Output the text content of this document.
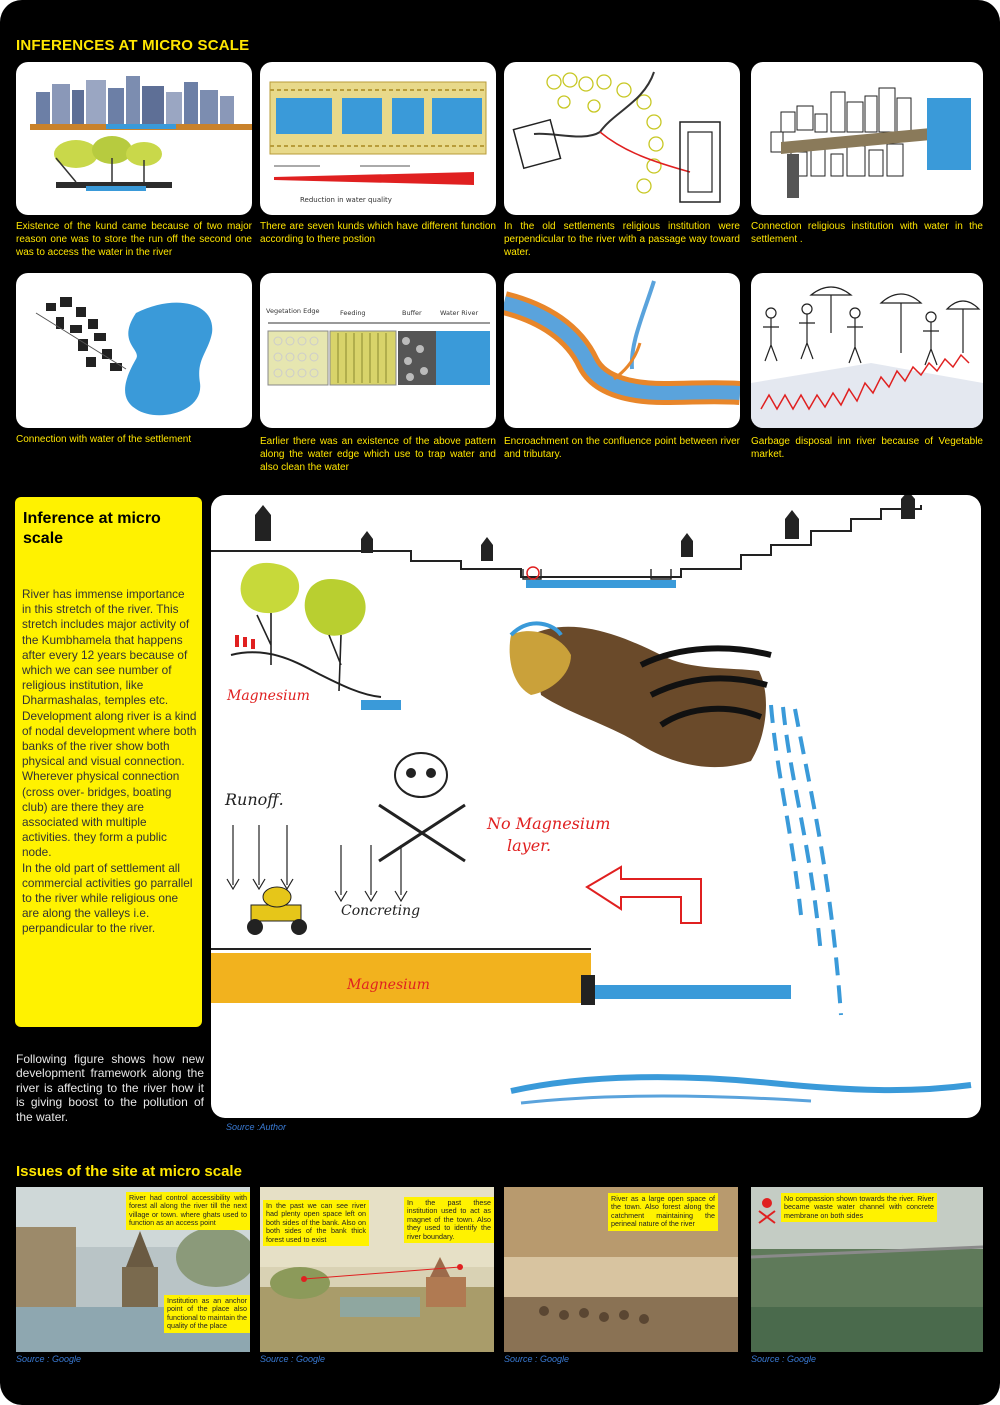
INFERENCES AT MICRO SCALE
Reduction in water quality
Existence of the kund came because of two major reason one was to store the run off the second one was to access the water in the river
There are seven kunds which have different function according to there postion
In the old settlements religious institution were perpendicular to the river with a passage way toward water.
Connection religious institution with water in the settlement .
Vegetation Edge	Feeding	Buffer	Water River
Connection with water of the settlement	Earlier there was an existence of the above pattern along the water edge which use to trap water and also clean the water
Encroachment on the confluence point between river and tributary.
Garbage disposal inn river because of Vegetable market.
Inference at micro scale
River has immense importance in this stretch of the river. This stretch includes major activity of the Kumbhamela that happens after every 12 years because of which we can see number of religious institution, like Dharmashalas, temples etc. Development along river is a kind of nodal development where both banks of the river show both physical and visual connection. Wherever physical connection (cross over- bridges, boating club) are there they are associated with multiple activities. they form a public node.
In the old part of settlement all commercial activities go parrallel to the river while religious one are along the valleys i.e. perpandicular to the river.
Following figure shows how new development framework along the river is affecting to the river how it is giving boost to the pollution of the water.
Magnesium
Runoff.
No Magnesium
layer.
Concreting
Magnesium
Source :Author
Issues of the site at micro scale
River had control accessibility with forest all along the river till the next village or town. where ghats used to function as an access point
Institution as an anchor point of the place also functional to maintain the quality of the place
In the past we can see river had plenty open space left on both sides of the bank. Also on both sides of the bank thick forest used to exist
In the past these institution used to act as magnet of the town. Also they used to identify the river boundary.
River as a large open space of the town. Also forest along the catchment maintaining the perineal nature of the river
No compassion shown towards the river. River became waste water channel with concrete membrane on both sides
Source : Google	Source : Google	Source : Google	Source : Google
